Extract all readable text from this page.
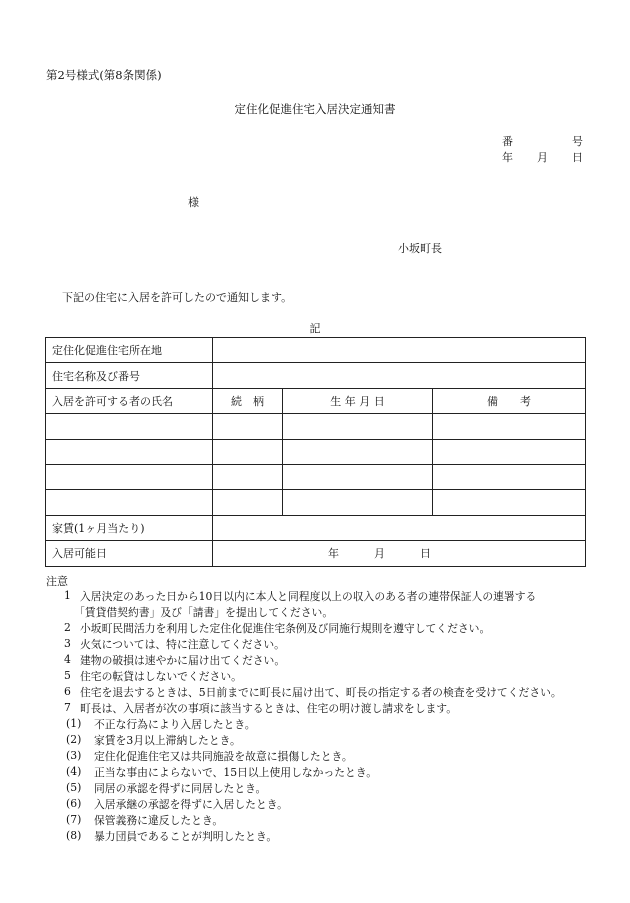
第2号様式(第8条関係)
定住化促進住宅入居決定通知書
番	号
年 月 日
様
小坂町長
下記の住宅に入居を許可したので通知します。
記
定住化促進住宅所在地			
住宅名称及び番号			
入居を許可する者の氏名	続　柄	生 年 月 日	備　　考

家賃(1ヶ月当たり)			
入居可能日	年 月 日		
注意
1 入居決定のあった日から10日以内に本人と同程度以上の収入のある者の連帯保証人の連署する
「賃貸借契約書」及び「請書」を提出してください。
2 小坂町民間活力を利用した定住化促進住宅条例及び同施行規則を遵守してください。
3 火気については、特に注意してください。
4 建物の破損は速やかに届け出てください。
5 住宅の転貸はしないでください。
6 住宅を退去するときは、5日前までに町長に届け出て、町長の指定する者の検査を受けてください。
7 町長は、入居者が次の事項に該当するときは、住宅の明け渡し請求をします。
(1) 不正な行為により入居したとき。
(2) 家賃を3月以上滞納したとき。
(3) 定住化促進住宅又は共同施設を故意に損傷したとき。
(4) 正当な事由によらないで、15日以上使用しなかったとき。
(5) 同居の承認を得ずに同居したとき。
(6) 入居承継の承認を得ずに入居したとき。
(7) 保管義務に違反したとき。
(8) 暴力団員であることが判明したとき。
